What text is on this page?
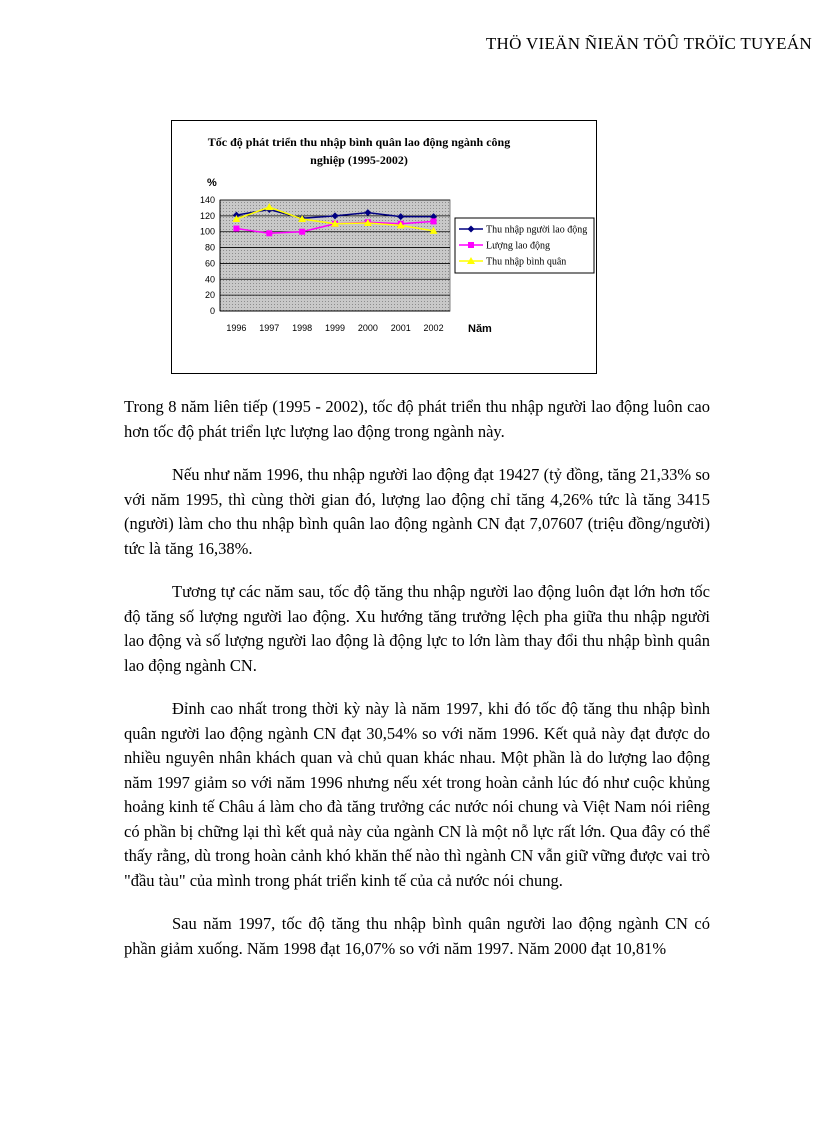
THÖ VIEÄN ÑIEÄN TÖÛ TRÖÏC TUYEÁN
Tốc độ phát triển thu nhập bình quân lao động ngành công
nghiệp (1995-2002)
%
0
20
40
60
80
100
120
140
1996 1997 1998 1999 2000 2001 2002 Năm
Thu nhập người lao động
Lượng lao động
Thu nhập bình quân

Trong 8 năm liên tiếp (1995 - 2002), tốc độ phát triển thu nhập người lao động luôn cao hơn tốc độ phát triển lực lượng lao động trong ngành này.

Nếu như năm 1996, thu nhập người lao động đạt 19427 (tỷ đồng, tăng 21,33% so với năm 1995, thì cùng thời gian đó, lượng lao động chỉ tăng 4,26% tức là tăng 3415 (người) làm cho thu nhập bình quân lao động ngành CN đạt 7,07607 (triệu đồng/người) tức là tăng 16,38%.

Tương tự các năm sau, tốc độ tăng thu nhập người lao động luôn đạt lớn hơn tốc độ tăng số lượng người lao động. Xu hướng tăng trưởng lệch pha giữa thu nhập người lao động và số lượng người lao động là động lực to lớn làm thay đổi thu nhập bình quân lao động ngành CN.

Đỉnh cao nhất trong thời kỳ này là năm 1997, khi đó tốc độ tăng thu nhập bình quân người lao động ngành CN đạt 30,54% so với năm 1996. Kết quả này đạt được do nhiều nguyên nhân khách quan và chủ quan khác nhau. Một phần là do lượng lao động năm 1997 giảm so với năm 1996 nhưng nếu xét trong hoàn cảnh lúc đó như cuộc khủng hoảng kinh tế Châu á làm cho đà tăng trưởng các nước nói chung và Việt Nam nói riêng có phần bị chững lại thì kết quả này của ngành CN là một nỗ lực rất lớn. Qua đây có thể thấy rằng, dù trong hoàn cảnh khó khăn thế nào thì ngành CN vẫn giữ vững được vai trò "đầu tàu" của mình trong phát triển kinh tế của cả nước nói chung.

Sau năm 1997, tốc độ tăng thu nhập bình quân người lao động ngành CN có phần giảm xuống. Năm 1998 đạt 16,07% so với năm 1997. Năm 2000 đạt 10,81%
